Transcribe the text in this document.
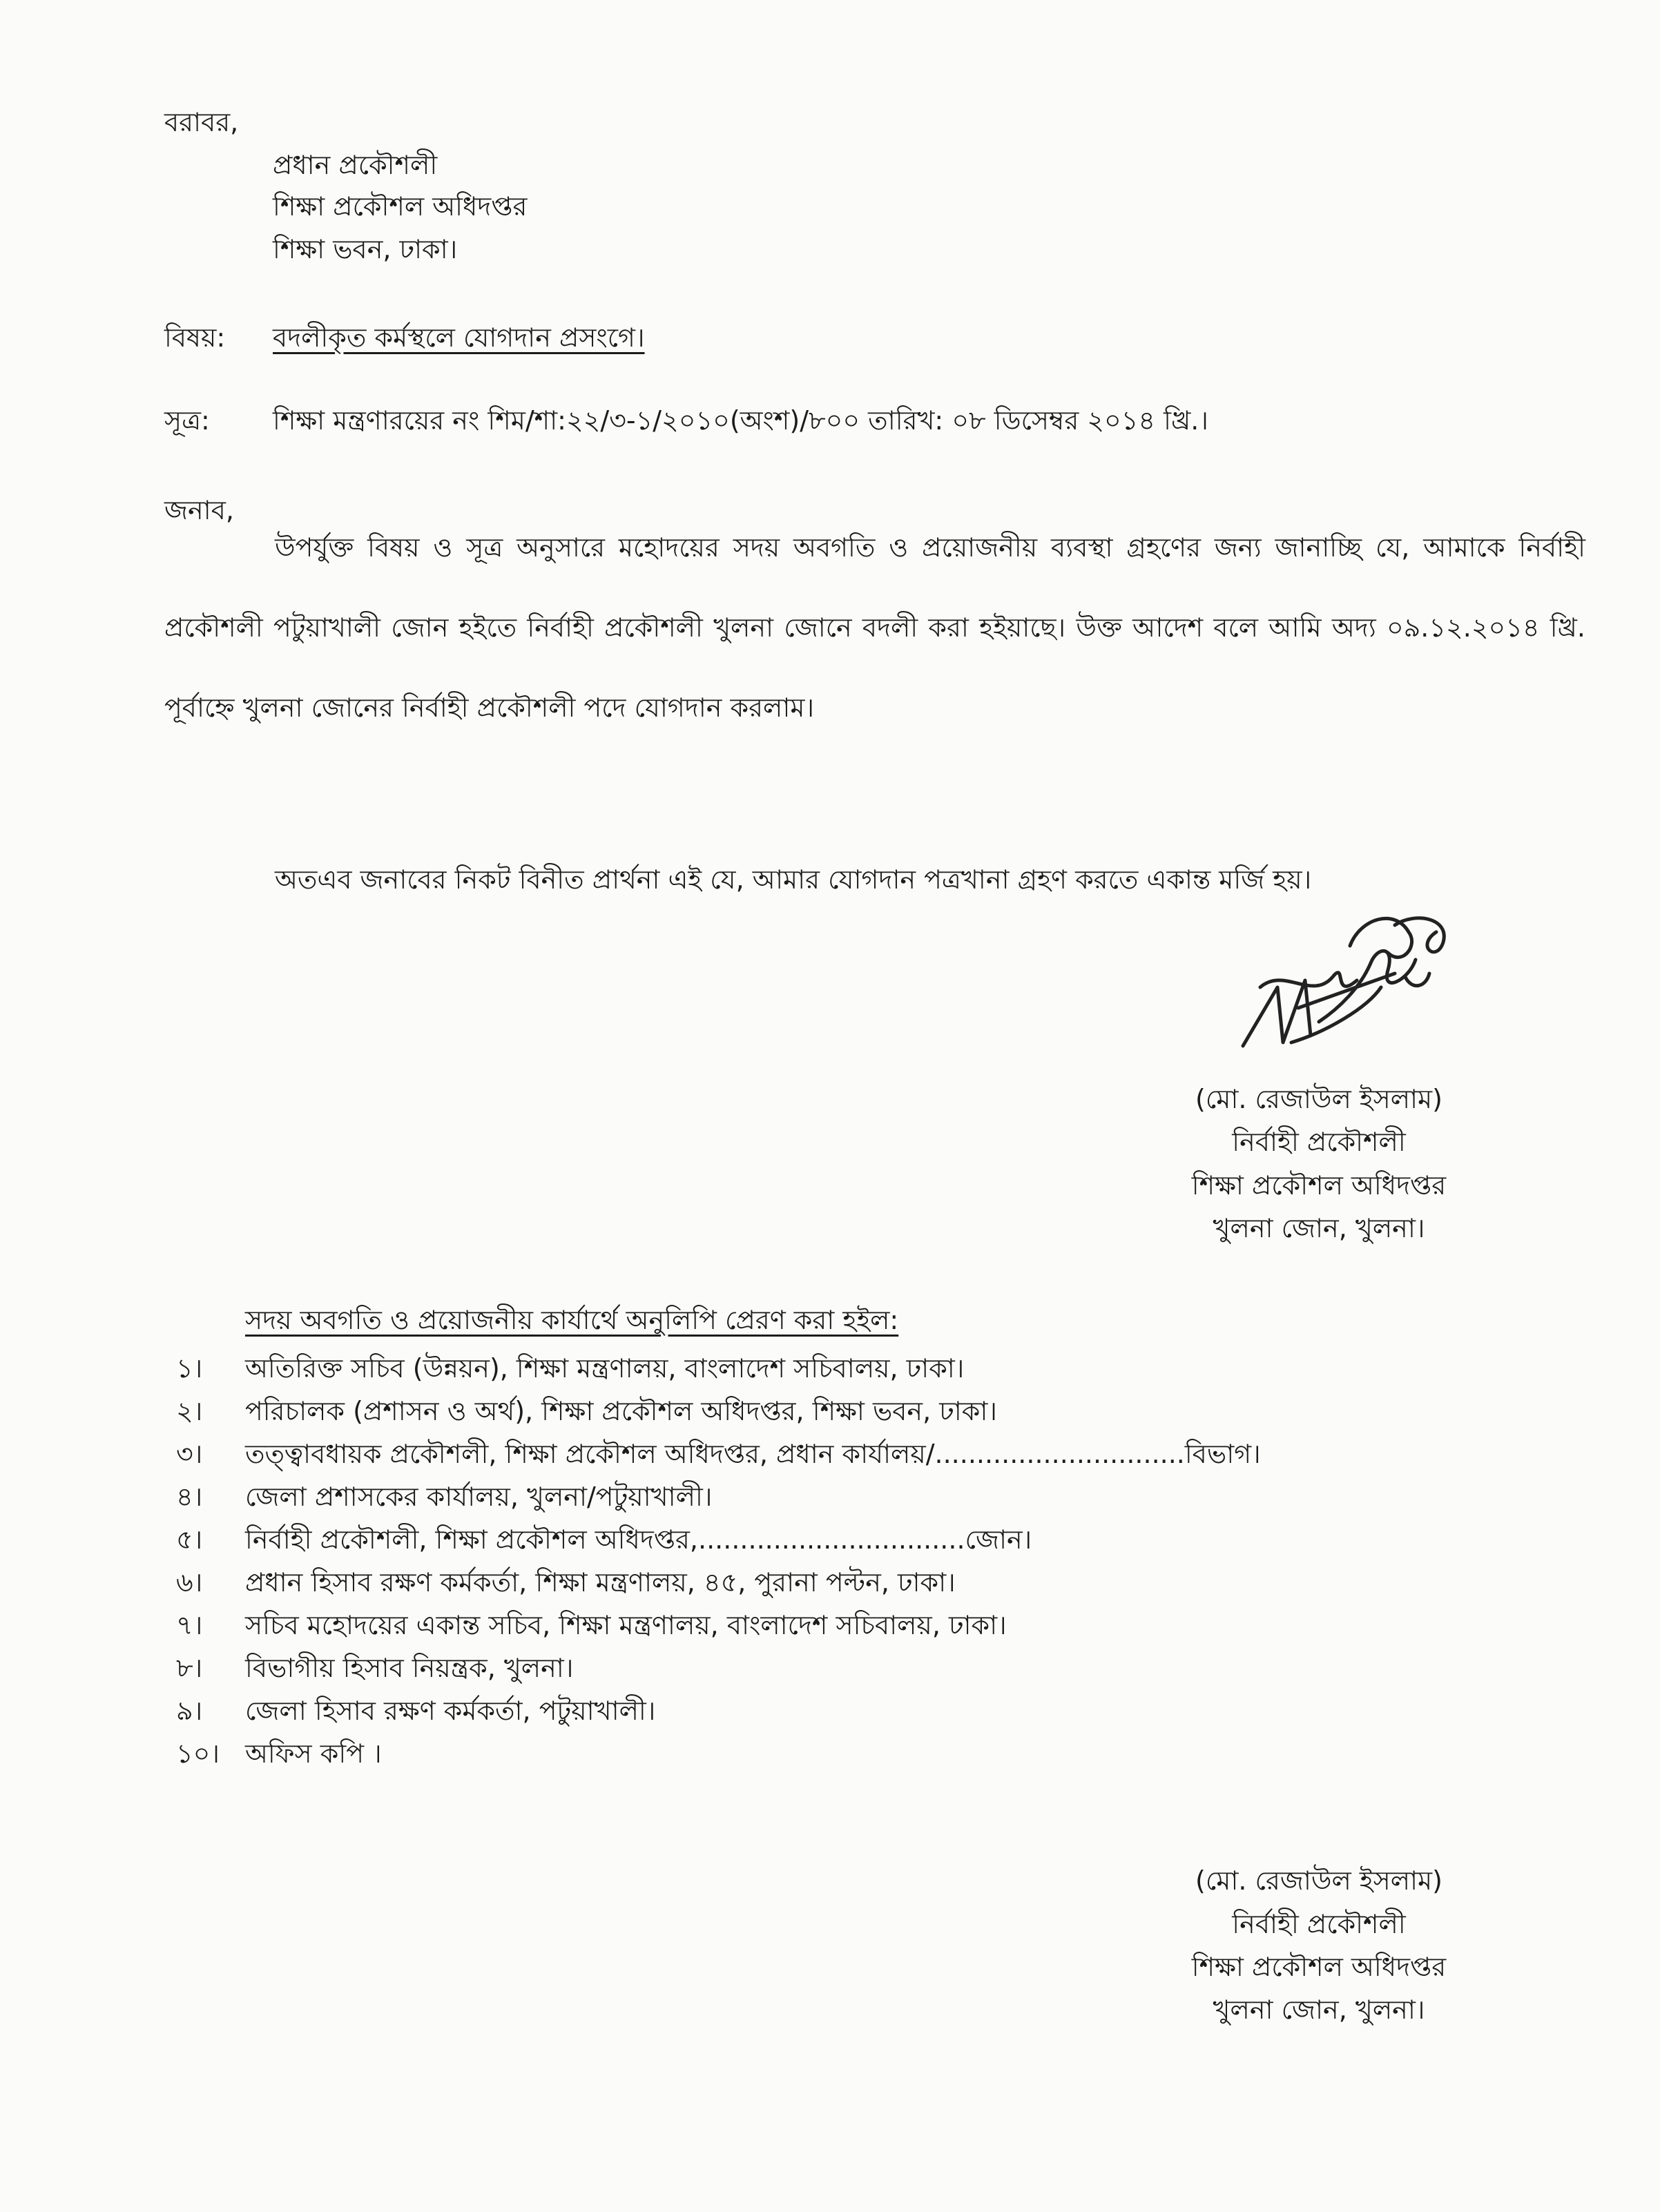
বরাবর,
প্রধান প্রকৌশলী
শিক্ষা প্রকৌশল অধিদপ্তর
শিক্ষা ভবন, ঢাকা।
বিষয়: বদলীকৃত কর্মস্থলে যোগদান প্রসংগে।
সূত্র: শিক্ষা মন্ত্রণারয়ের নং শিম/শা:২২/৩-১/২০১০(অংশ)/৮০০ তারিখ: ০৮ ডিসেম্বর ২০১৪ খ্রি.।
জনাব,
উপর্যুক্ত বিষয় ও সূত্র অনুসারে মহোদয়ের সদয় অবগতি ও প্রয়োজনীয় ব্যবস্থা গ্রহণের জন্য জানাচ্ছি যে, আমাকে নির্বাহী প্রকৌশলী পটুয়াখালী জোন হইতে নির্বাহী প্রকৌশলী খুলনা জোনে বদলী করা হইয়াছে। উক্ত আদেশ বলে আমি অদ্য ০৯.১২.২০১৪ খ্রি. পূর্বাহ্নে খুলনা জোনের নির্বাহী প্রকৌশলী পদে যোগদান করলাম।
অতএব জনাবের নিকট বিনীত প্রার্থনা এই যে, আমার যোগদান পত্রখানা গ্রহণ করতে একান্ত মর্জি হয়।
(মো. রেজাউল ইসলাম)
নির্বাহী প্রকৌশলী
শিক্ষা প্রকৌশল অধিদপ্তর
খুলনা জোন, খুলনা।
সদয় অবগতি ও প্রয়োজনীয় কার্যার্থে অনুলিপি প্রেরণ করা হইল:
১।	অতিরিক্ত সচিব (উন্নয়ন), শিক্ষা মন্ত্রণালয়, বাংলাদেশ সচিবালয়, ঢাকা।
২।	পরিচালক (প্রশাসন ও অর্থ), শিক্ষা প্রকৌশল অধিদপ্তর, শিক্ষা ভবন, ঢাকা।
৩।	তত্ত্বাবধায়ক প্রকৌশলী, শিক্ষা প্রকৌশল অধিদপ্তর, প্রধান কার্যালয়/..............................বিভাগ।
৪।	জেলা প্রশাসকের কার্যালয়, খুলনা/পটুয়াখালী।
৫।	নির্বাহী প্রকৌশলী, শিক্ষা প্রকৌশল অধিদপ্তর,................................জোন।
৬।	প্রধান হিসাব রক্ষণ কর্মকর্তা, শিক্ষা মন্ত্রণালয়, ৪৫, পুরানা পল্টন, ঢাকা।
৭।	সচিব মহোদয়ের একান্ত সচিব, শিক্ষা মন্ত্রণালয়, বাংলাদেশ সচিবালয়, ঢাকা।
৮।	বিভাগীয় হিসাব নিয়ন্ত্রক, খুলনা।
৯।	জেলা হিসাব রক্ষণ কর্মকর্তা, পটুয়াখালী।
১০। অফিস কপি ।
(মো. রেজাউল ইসলাম)
নির্বাহী প্রকৌশলী
শিক্ষা প্রকৌশল অধিদপ্তর
খুলনা জোন, খুলনা।
